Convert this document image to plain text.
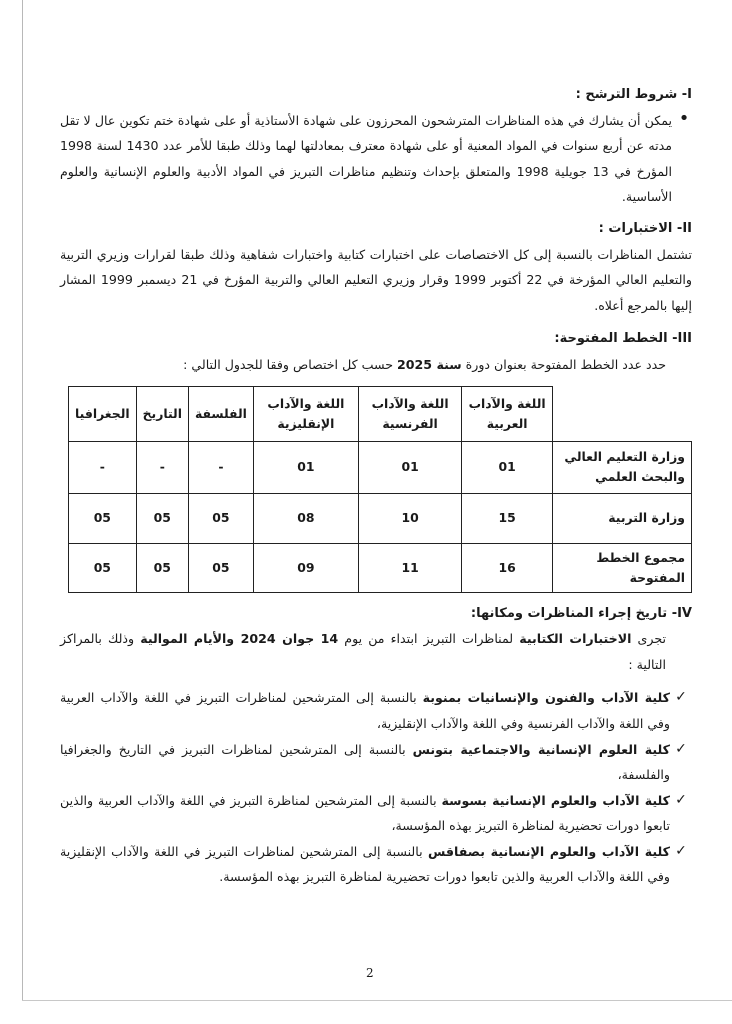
I- شروط الترشح :

•
يمكن أن يشارك في هذه المناظرات المترشحون المحرزون على شهادة الأستاذية أو على شهادة ختم تكوين عال لا تقل مدته عن أربع سنوات في المواد المعنية أو على شهادة معترف بمعادلتها لهما وذلك طبقا للأمر عدد 1430 لسنة 1998 المؤرخ في 13 جويلية 1998 والمتعلق بإحداث وتنظيم مناظرات التبريز في المواد الأدبية والعلوم الإنسانية والعلوم الأساسية.

II- الاختبارات :

تشتمل المناظرات بالنسبة إلى كل الاختصاصات على اختبارات كتابية واختبارات شفاهية وذلك طبقا لقرارات وزيري التربية والتعليم العالي المؤرخة في 22 أكتوبر 1999 وقرار وزيري التعليم العالي والتربية المؤرخ في 21 ديسمبر 1999 المشار إليها بالمرجع أعلاه.

III- الخطط المفتوحة:

حدد عدد الخطط المفتوحة بعنوان دورة سنة 2025 حسب كل اختصاص وفقا للجدول التالي :

	اللغة والآداب العربية	اللغة والآداب الفرنسية	اللغة والآداب الإنقليزية	الفلسفة	التاريخ	الجغرافيا
وزارة التعليم العالي والبحث العلمي	01	01	01	-	-	-
وزارة التربية	15	10	08	05	05	05
مجموع الخطط المفتوحة	16	11	09	05	05	05

IV- تاريخ إجراء المناظرات ومكانها:

تجرى الاختبارات الكتابية لمناظرات التبريز ابتداء من يوم 14 جوان 2024 والأيام الموالية وذلك بالمراكز التالية :

✓
كلية الآداب والفنون والإنسانيات بمنوبة بالنسبة إلى المترشحين لمناظرات التبريز في اللغة والآداب العربية وفي اللغة والآداب الفرنسية وفي اللغة والآداب الإنقليزية،
✓
كلية العلوم الإنسانية والاجتماعية بتونس بالنسبة إلى المترشحين لمناظرات التبريز في التاريخ والجغرافيا والفلسفة،
✓
كلية الآداب والعلوم الإنسانية بسوسة بالنسبة إلى المترشحين لمناظرة التبريز في اللغة والآداب العربية والذين تابعوا دورات تحضيرية لمناظرة التبريز بهذه المؤسسة،
✓
كلية الآداب والعلوم الإنسانية بصفاقس بالنسبة إلى المترشحين لمناظرات التبريز في اللغة والآداب الإنقليزية وفي اللغة والآداب العربية والذين تابعوا دورات تحضيرية لمناظرة التبريز بهذه المؤسسة.
2
